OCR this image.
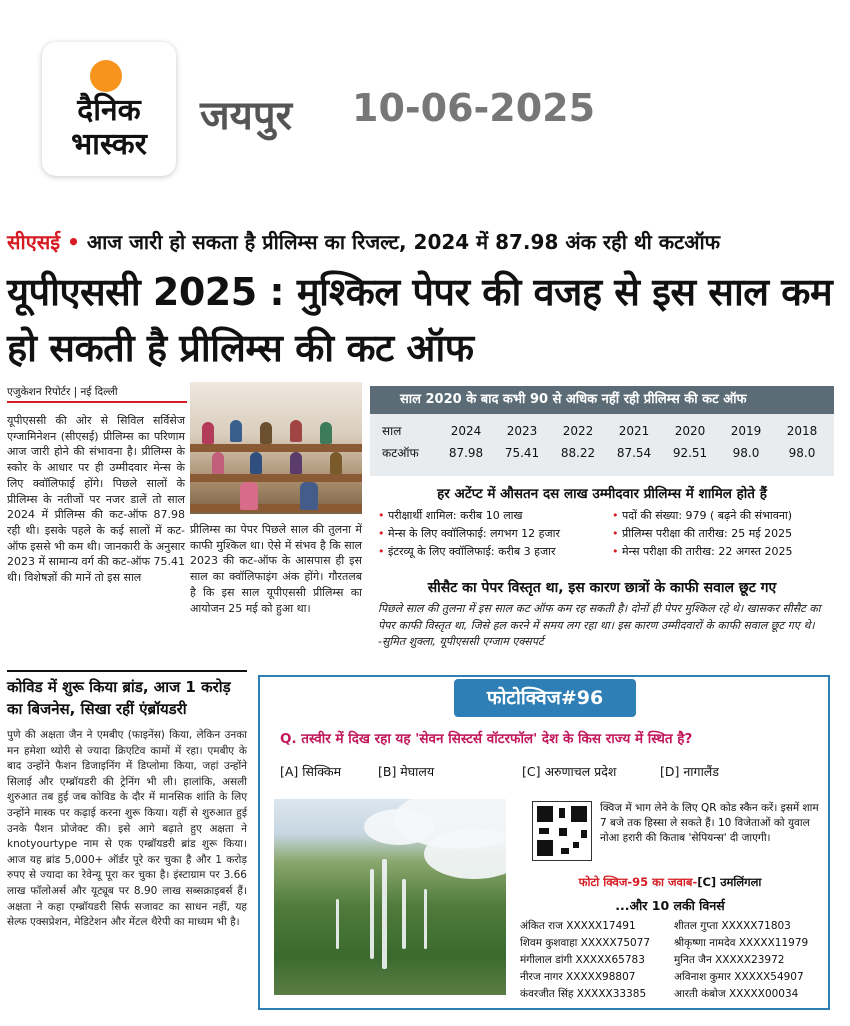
दैनिक
भास्कर
जयपुर 10-06-2025
सीएसई • आज जारी हो सकता है प्रीलिम्स का रिजल्ट, 2024 में 87.98 अंक रही थी कटऑफ
यूपीएससी 2025 : मुश्किल पेपर की वजह से इस साल कम हो सकती है प्रीलिम्स की कट ऑफ
एजुकेशन रिपोर्टर | नई दिल्ली
यूपीएससी की ओर से सिविल सर्विसेज एग्जामिनेशन (सीएसई) प्रीलिम्स का परिणाम आज जारी होने की संभावना है। प्रीलिम्स के स्कोर के आधार पर ही उम्मीदवार मेन्स के लिए क्वॉलिफाई होंगे। पिछले सालों के प्रीलिम्स के नतीजों पर नजर डालें तो साल 2024 में प्रीलिम्स की कट-ऑफ 87.98 रही थी। इसके पहले के कई सालों में कट-ऑफ इससे भी कम थी। जानकारी के अनुसार 2023 में सामान्य वर्ग की कट-ऑफ 75.41 थी। विशेषज्ञों की मानें तो इस साल
प्रीलिम्स का पेपर पिछले साल की तुलना में काफी मुश्किल था। ऐसे में संभव है कि साल 2023 की कट-ऑफ के आसपास ही इस साल का क्वॉलिफाइंग अंक होंगे। गौरतलब है कि इस साल यूपीएससी प्रीलिम्स का आयोजन 25 मई को हुआ था।
साल 2020 के बाद कभी 90 से अधिक नहीं रही प्रीलिम्स की कट ऑफ
साल	2024	2023	2022	2021	2020	2019	2018
कटऑफ	87.98	75.41	88.22	87.54	92.51	98.0	98.0
हर अटेंप्ट में औसतन दस लाख उम्मीदवार प्रीलिम्स में शामिल होते हैं
• परीक्षार्थी शामिल: करीब 10 लाख	• पदों की संख्या: 979 ( बढ़ने की संभावना)
• मेन्स के लिए क्वॉलिफाई: लगभग 12 हजार	• प्रीलिम्स परीक्षा की तारीख: 25 मई 2025
• इंटरव्यू के लिए क्वॉलिफाई: करीब 3 हजार	• मेन्स परीक्षा की तारीख: 22 अगस्त 2025
सीसैट का पेपर विस्तृत था, इस कारण छात्रों के काफी सवाल छूट गए
पिछले साल की तुलना में इस साल कट ऑफ कम रह सकती है। दोनों ही पेपर मुश्किल रहे थे। खासकर सीसैट का पेपर काफी विस्तृत था, जिसे हल करने में समय लग रहा था। इस कारण उम्मीदवारों के काफी सवाल छूट गए थे। -सुमित शुक्ला, यूपीएससी एग्जाम एक्सपर्ट
कोविड में शुरू किया ब्रांड, आज 1 करोड़ का बिजनेस, सिखा रहीं एंब्रॉयडरी
पुणे की अक्षता जैन ने एमबीए (फाइनेंस) किया, लेकिन उनका मन हमेशा थ्योरी से ज्यादा क्रिएटिव कामों में रहा। एमबीए के बाद उन्होंने फैशन डिजाइनिंग में डिप्लोमा किया, जहां उन्होंने सिलाई और एम्ब्रॉयडरी की ट्रेनिंग भी ली। हालांकि, असली शुरुआत तब हुई जब कोविड के दौर में मानसिक शांति के लिए उन्होंने मास्क पर कढ़ाई करना शुरू किया। यहीं से शुरुआत हुई उनके पैशन प्रोजेक्ट की। इसे आगे बढ़ाते हुए अक्षता ने knotyourtype नाम से एक एम्ब्रॉयडरी ब्रांड शुरू किया। आज यह ब्रांड 5,000+ ऑर्डर पूरे कर चुका है और 1 करोड़ रुपए से ज्यादा का रेवेन्यू पूरा कर चुका है। इंस्टाग्राम पर 3.66 लाख फॉलोअर्स और यूट्यूब पर 8.90 लाख सब्सक्राइबर्स हैं। अक्षता ने कहा एम्ब्रॉयडरी सिर्फ सजावट का साधन नहीं, यह सेल्फ एक्सप्रेशन, मेडिटेशन और मेंटल थैरेपी का माध्यम भी है।
फोटोक्विज#96
Q. तस्वीर में दिख रहा यह 'सेवन सिस्टर्स वॉटरफॉल' देश के किस राज्य में स्थित है?
[A] सिक्किम	[B] मेघालय	[C] अरुणाचल प्रदेश	[D] नागालैंड
क्विज में भाग लेने के लिए QR कोड स्कैन करें। इसमें शाम 7 बजे तक हिस्सा ले सकते हैं। 10 विजेताओं को युवाल नोआ हरारी की किताब 'सेपियन्स' दी जाएगी।
फोटो क्विज-95 का जवाब-[C] उमलिंगला
...और 10 लकी विनर्स
अंकित राज XXXXX17491
शिवम कुशवाहा XXXXX75077
मंगीलाल डांगी XXXXX65783
नीरज नागर XXXXX98807
कंवरजीत सिंह XXXXX33385
शीतल गुप्ता XXXXX71803
श्रीकृष्णा नामदेव XXXXX11979
मुनित जैन XXXXX23972
अविनाश कुमार XXXXX54907
आरती कंबोज XXXXX00034
